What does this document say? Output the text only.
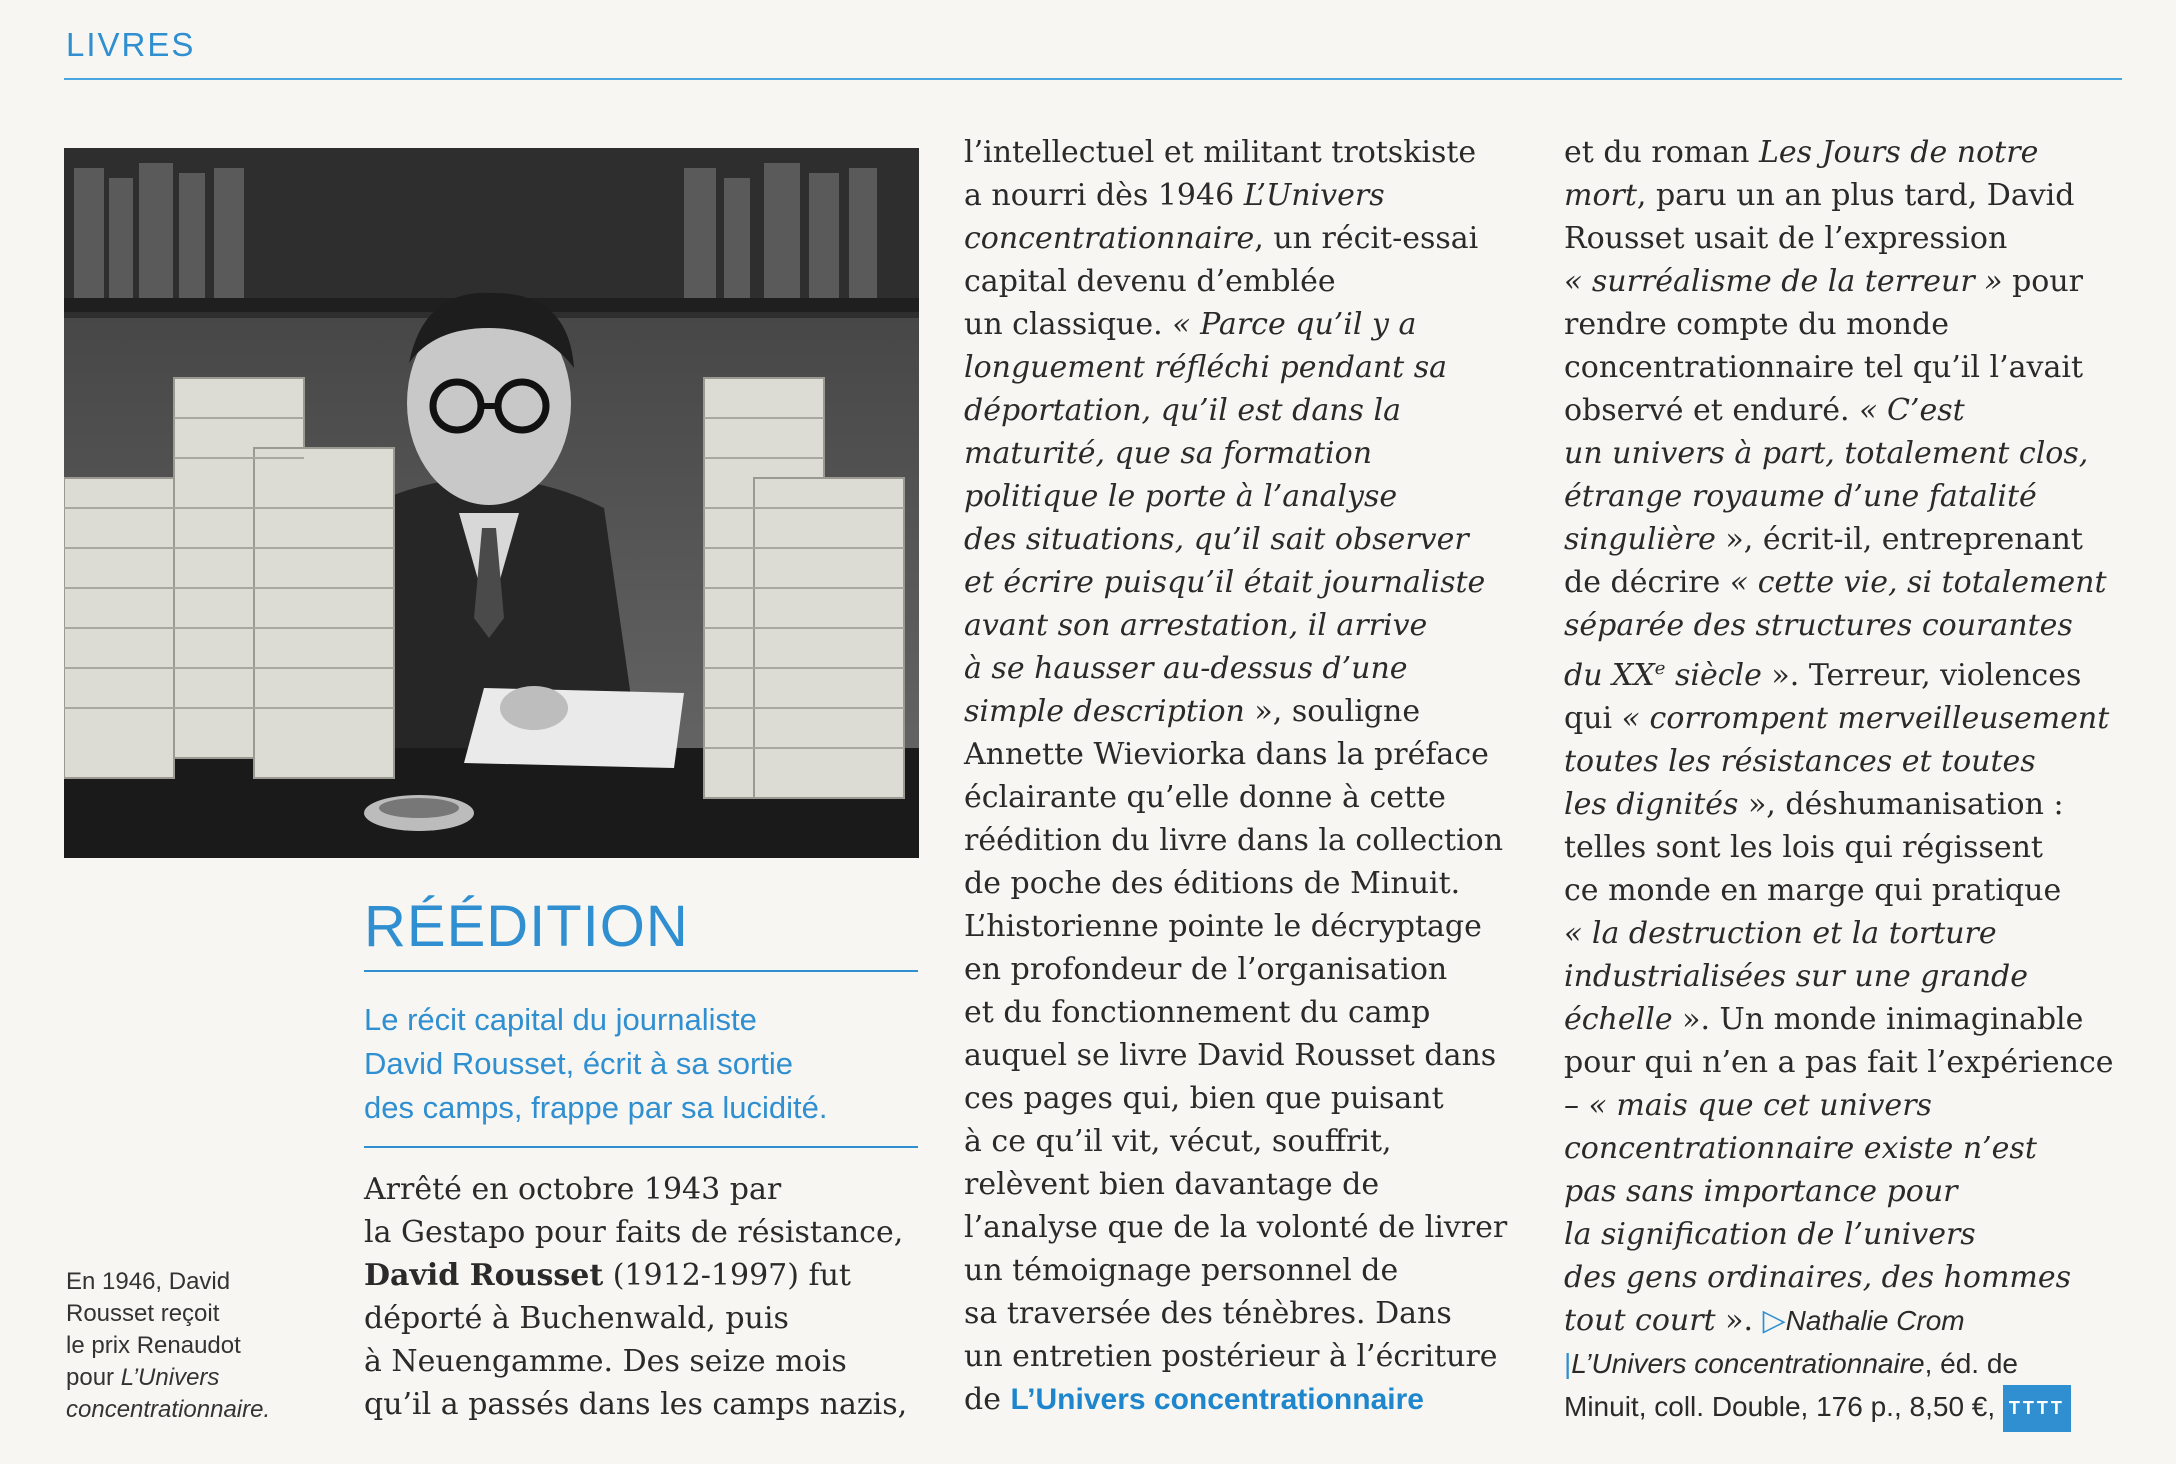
LIVRES
En 1946, David
Rousset reçoit
le prix Renaudot
pour L’Univers
concentrationnaire.
RÉÉDITION
Le récit capital du journaliste
David Rousset, écrit à sa sortie
des camps, frappe par sa lucidité.
Arrêté en octobre 1943 par
la Gestapo pour faits de résistance,
David Rousset (1912-1997) fut
déporté à Buchenwald, puis
à Neuengamme. Des seize mois
qu’il a passés dans les camps nazis,
l’intellectuel et militant trotskiste
a nourri dès 1946 L’Univers
concentrationnaire, un récit-essai
capital devenu d’emblée
un classique. « Parce qu’il y a
longuement réfléchi pendant sa
déportation, qu’il est dans la
maturité, que sa formation
politique le porte à l’analyse
des situations, qu’il sait observer
et écrire puisqu’il était journaliste
avant son arrestation, il arrive
à se hausser au-dessus d’une
simple description », souligne
Annette Wieviorka dans la préface
éclairante qu’elle donne à cette
réédition du livre dans la collection
de poche des éditions de Minuit.
L’historienne pointe le décryptage
en profondeur de l’organisation
et du fonctionnement du camp
auquel se livre David Rousset dans
ces pages qui, bien que puisant
à ce qu’il vit, vécut, souffrit,
relèvent bien davantage de
l’analyse que de la volonté de livrer
un témoignage personnel de
sa traversée des ténèbres. Dans
un entretien postérieur à l’écriture
de L’Univers concentrationnaire
et du roman Les Jours de notre
mort, paru un an plus tard, David
Rousset usait de l’expression
« surréalisme de la terreur » pour
rendre compte du monde
concentrationnaire tel qu’il l’avait
observé et enduré. « C’est
un univers à part, totalement clos,
étrange royaume d’une fatalité
singulière », écrit-il, entreprenant
de décrire « cette vie, si totalement
séparée des structures courantes
du XXe siècle ». Terreur, violences
qui « corrompent merveilleusement
toutes les résistances et toutes
les dignités », déshumanisation :
telles sont les lois qui régissent
ce monde en marge qui pratique
« la destruction et la torture
industrialisées sur une grande
échelle ». Un monde inimaginable
pour qui n’en a pas fait l’expérience
– « mais que cet univers
concentrationnaire existe n’est
pas sans importance pour
la signification de l’univers
des gens ordinaires, des hommes
tout court ». ▷Nathalie Crom
|L’Univers concentrationnaire, éd. de
Minuit, coll. Double, 176 p., 8,50 €, TTTT
